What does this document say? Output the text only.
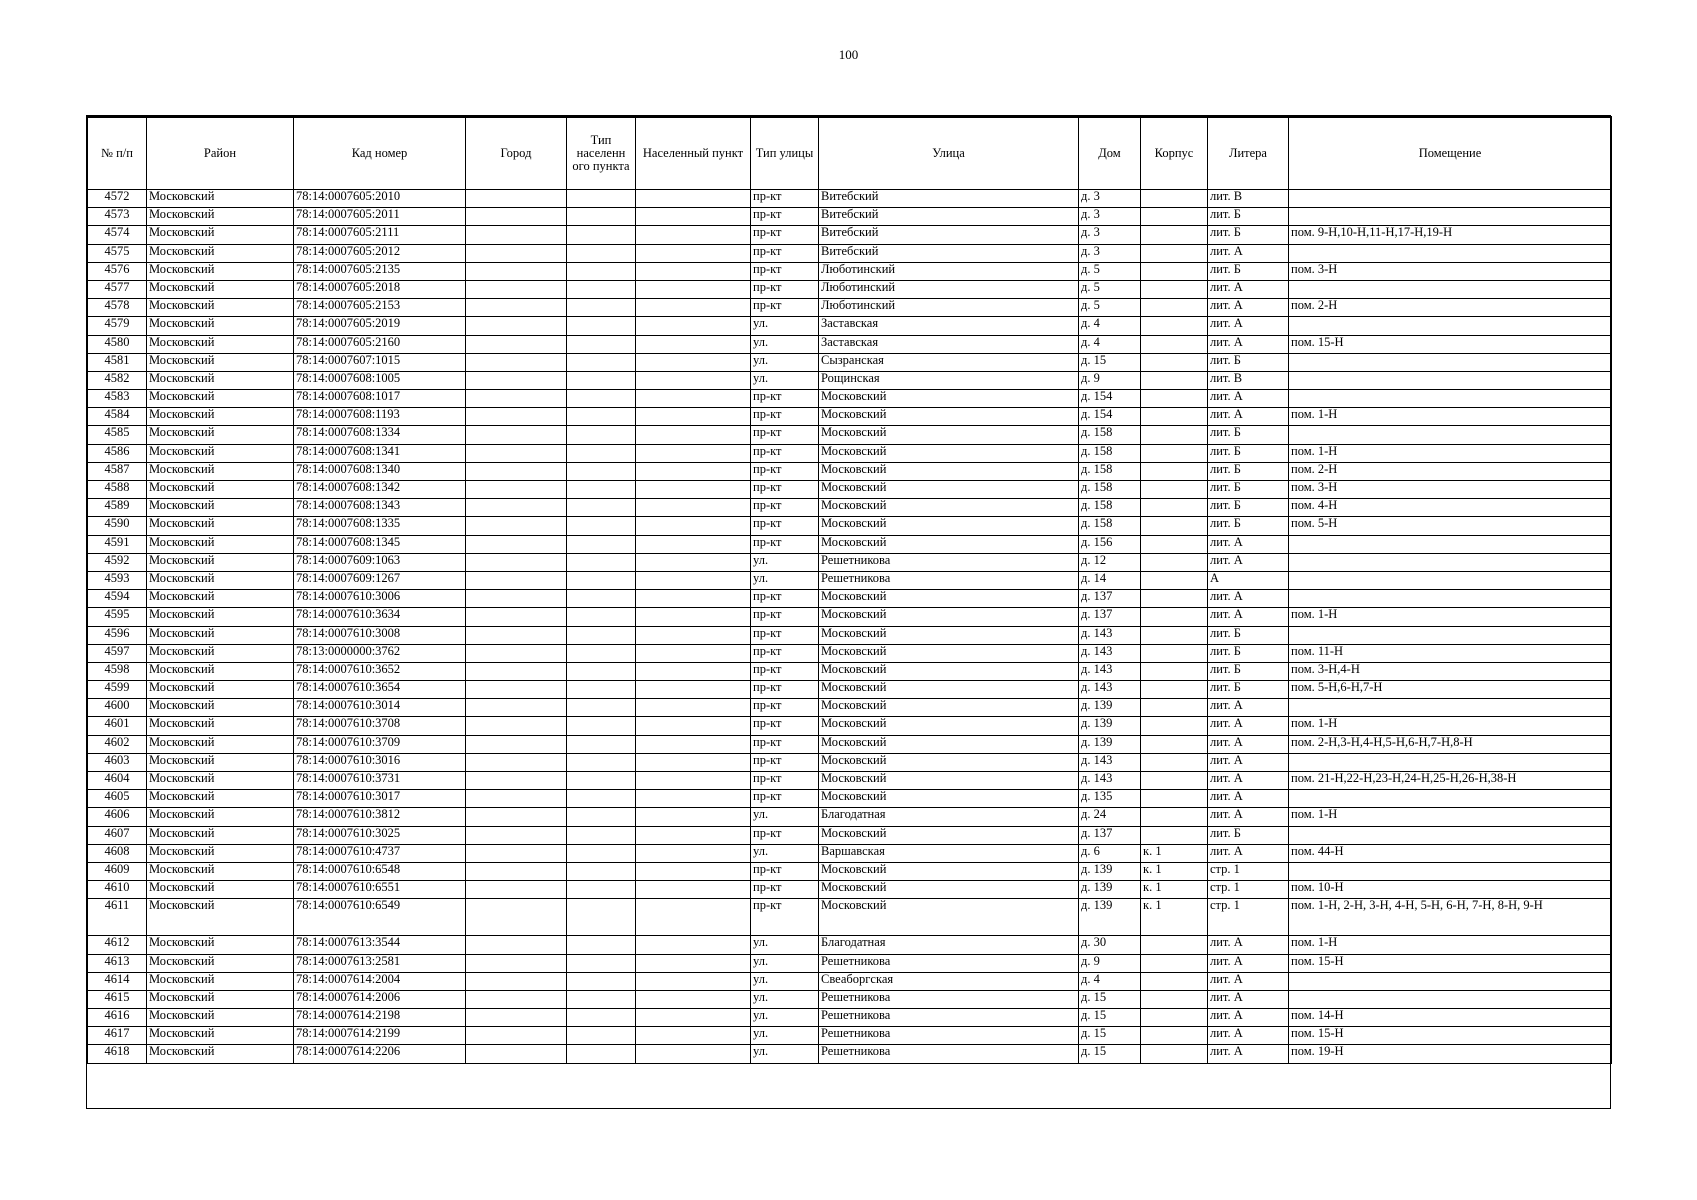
100
№ п/п	Район	Кад номер	Город	Тип населенн ого пункта	Населенный пункт	Тип улицы	Улица	Дом	Корпус	Литера	Помещение
4572	Московский	78:14:0007605:2010				пр-кт	Витебский	д. 3		лит. В	
4573	Московский	78:14:0007605:2011				пр-кт	Витебский	д. 3		лит. Б	
4574	Московский	78:14:0007605:2111				пр-кт	Витебский	д. 3		лит. Б	пом. 9-Н,10-Н,11-Н,17-Н,19-Н
4575	Московский	78:14:0007605:2012				пр-кт	Витебский	д. 3		лит. А	
4576	Московский	78:14:0007605:2135				пр-кт	Люботинский	д. 5		лит. Б	пом. 3-Н
4577	Московский	78:14:0007605:2018				пр-кт	Люботинский	д. 5		лит. А	
4578	Московский	78:14:0007605:2153				пр-кт	Люботинский	д. 5		лит. А	пом. 2-Н
4579	Московский	78:14:0007605:2019				ул.	Заставская	д. 4		лит. А	
4580	Московский	78:14:0007605:2160				ул.	Заставская	д. 4		лит. А	пом. 15-Н
4581	Московский	78:14:0007607:1015				ул.	Сызранская	д. 15		лит. Б	
4582	Московский	78:14:0007608:1005				ул.	Рощинская	д. 9		лит. В	
4583	Московский	78:14:0007608:1017				пр-кт	Московский	д. 154		лит. А	
4584	Московский	78:14:0007608:1193				пр-кт	Московский	д. 154		лит. А	пом. 1-Н
4585	Московский	78:14:0007608:1334				пр-кт	Московский	д. 158		лит. Б	
4586	Московский	78:14:0007608:1341				пр-кт	Московский	д. 158		лит. Б	пом. 1-Н
4587	Московский	78:14:0007608:1340				пр-кт	Московский	д. 158		лит. Б	пом. 2-Н
4588	Московский	78:14:0007608:1342				пр-кт	Московский	д. 158		лит. Б	пом. 3-Н
4589	Московский	78:14:0007608:1343				пр-кт	Московский	д. 158		лит. Б	пом. 4-Н
4590	Московский	78:14:0007608:1335				пр-кт	Московский	д. 158		лит. Б	пом. 5-Н
4591	Московский	78:14:0007608:1345				пр-кт	Московский	д. 156		лит. А	
4592	Московский	78:14:0007609:1063				ул.	Решетникова	д. 12		лит. А	
4593	Московский	78:14:0007609:1267				ул.	Решетникова	д. 14		А	
4594	Московский	78:14:0007610:3006				пр-кт	Московский	д. 137		лит. А	
4595	Московский	78:14:0007610:3634				пр-кт	Московский	д. 137		лит. А	пом. 1-Н
4596	Московский	78:14:0007610:3008				пр-кт	Московский	д. 143		лит. Б	
4597	Московский	78:13:0000000:3762				пр-кт	Московский	д. 143		лит. Б	пом. 11-Н
4598	Московский	78:14:0007610:3652				пр-кт	Московский	д. 143		лит. Б	пом. 3-Н,4-Н
4599	Московский	78:14:0007610:3654				пр-кт	Московский	д. 143		лит. Б	пом. 5-Н,6-Н,7-Н
4600	Московский	78:14:0007610:3014				пр-кт	Московский	д. 139		лит. А	
4601	Московский	78:14:0007610:3708				пр-кт	Московский	д. 139		лит. А	пом. 1-Н
4602	Московский	78:14:0007610:3709				пр-кт	Московский	д. 139		лит. А	пом. 2-Н,3-Н,4-Н,5-Н,6-Н,7-Н,8-Н
4603	Московский	78:14:0007610:3016				пр-кт	Московский	д. 143		лит. А	
4604	Московский	78:14:0007610:3731				пр-кт	Московский	д. 143		лит. А	пом. 21-Н,22-Н,23-Н,24-Н,25-Н,26-Н,38-Н
4605	Московский	78:14:0007610:3017				пр-кт	Московский	д. 135		лит. А	
4606	Московский	78:14:0007610:3812				ул.	Благодатная	д. 24		лит. А	пом. 1-Н
4607	Московский	78:14:0007610:3025				пр-кт	Московский	д. 137		лит. Б	
4608	Московский	78:14:0007610:4737				ул.	Варшавская	д. 6	к. 1	лит. А	пом. 44-Н
4609	Московский	78:14:0007610:6548				пр-кт	Московский	д. 139	к. 1	стр. 1	
4610	Московский	78:14:0007610:6551				пр-кт	Московский	д. 139	к. 1	стр. 1	пом. 10-Н
4611	Московский	78:14:0007610:6549				пр-кт	Московский	д. 139	к. 1	стр. 1	пом. 1-Н, 2-Н, 3-Н, 4-Н, 5-Н, 6-Н, 7-Н, 8-Н, 9-Н
4612	Московский	78:14:0007613:3544				ул.	Благодатная	д. 30		лит. А	пом. 1-Н
4613	Московский	78:14:0007613:2581				ул.	Решетникова	д. 9		лит. А	пом. 15-Н
4614	Московский	78:14:0007614:2004				ул.	Свеаборгская	д. 4		лит. А	
4615	Московский	78:14:0007614:2006				ул.	Решетникова	д. 15		лит. А	
4616	Московский	78:14:0007614:2198				ул.	Решетникова	д. 15		лит. А	пом. 14-Н
4617	Московский	78:14:0007614:2199				ул.	Решетникова	д. 15		лит. А	пом. 15-Н
4618	Московский	78:14:0007614:2206				ул.	Решетникова	д. 15		лит. А	пом. 19-Н
